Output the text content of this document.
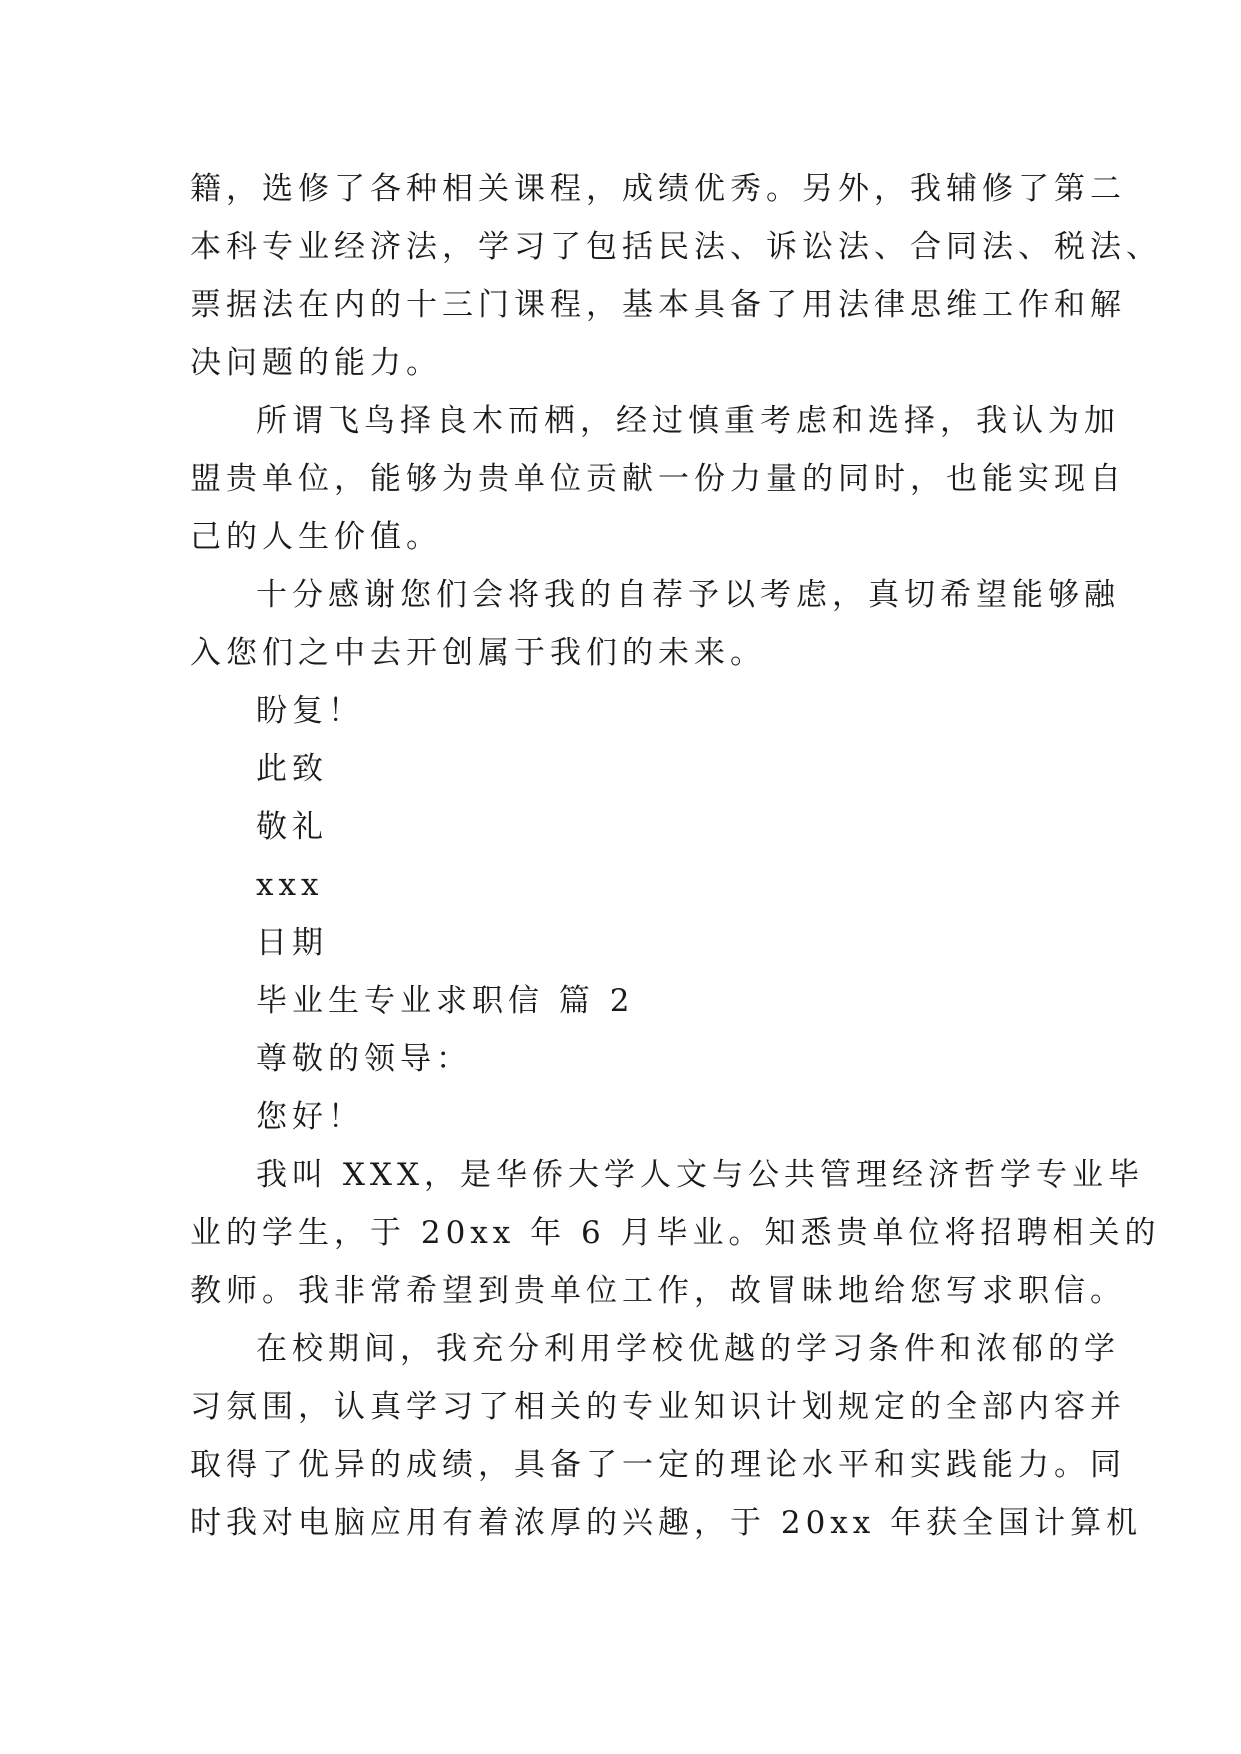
籍，选修了各种相关课程，成绩优秀。另外，我辅修了第二
本科专业经济法，学习了包括民法、诉讼法、合同法、税法、
票据法在内的十三门课程，基本具备了用法律思维工作和解
决问题的能力。
所谓飞鸟择良木而栖，经过慎重考虑和选择，我认为加
盟贵单位，能够为贵单位贡献一份力量的同时，也能实现自
己的人生价值。
十分感谢您们会将我的自荐予以考虑，真切希望能够融
入您们之中去开创属于我们的未来。
盼复！
此致
敬礼
xxx
日期
毕业生专业求职信 篇 2
尊敬的领导：
您好！
我叫 XXX，是华侨大学人文与公共管理经济哲学专业毕
业的学生，于 20xx 年 6 月毕业。知悉贵单位将招聘相关的
教师。我非常希望到贵单位工作，故冒昧地给您写求职信。
在校期间，我充分利用学校优越的学习条件和浓郁的学
习氛围，认真学习了相关的专业知识计划规定的全部内容并
取得了优异的成绩，具备了一定的理论水平和实践能力。同
时我对电脑应用有着浓厚的兴趣，于 20xx 年获全国计算机
